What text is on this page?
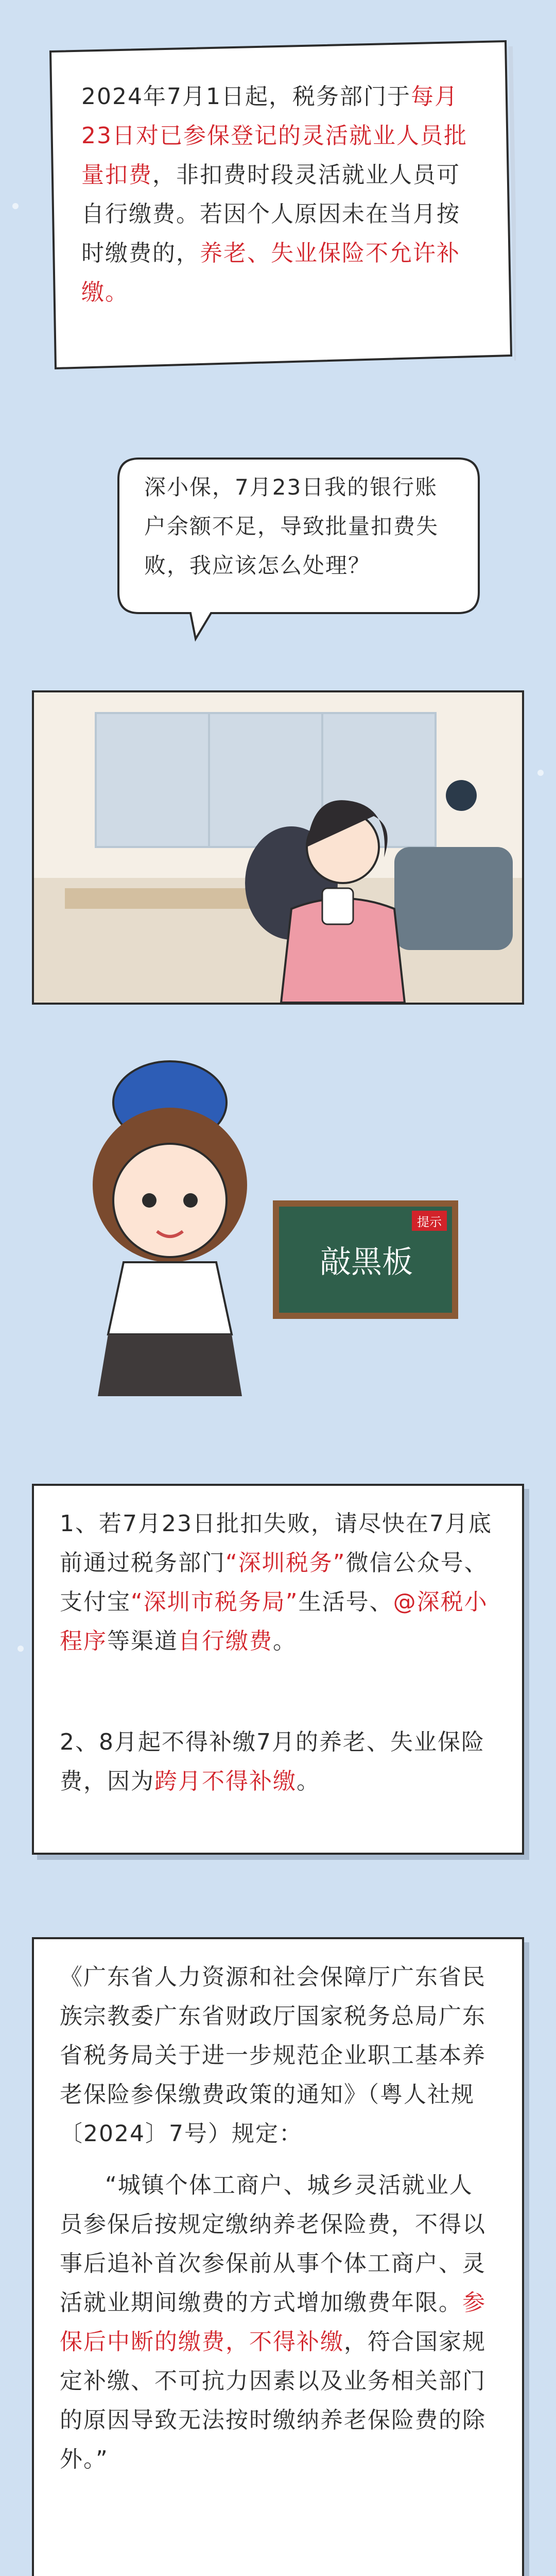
2024年7月1日起，税务部门于每月23日对已参保登记的灵活就业人员批量扣费，非扣费时段灵活就业人员可自行缴费。若因个人原因未在当月按时缴费的，养老、失业保险不允许补缴。
深小保，7月23日我的银行账户余额不足，导致批量扣费失败，我应该怎么处理？
敲黑板
提示
1、若7月23日批扣失败，请尽快在7月底前通过税务部门“深圳税务”微信公众号、支付宝“深圳市税务局”生活号、@深税小程序等渠道自行缴费。
2、8月起不得补缴7月的养老、失业保险费，因为跨月不得补缴。
《广东省人力资源和社会保障厅广东省民族宗教委广东省财政厅国家税务总局广东省税务局关于进一步规范企业职工基本养老保险参保缴费政策的通知》（粤人社规〔2024〕7号）规定：
“城镇个体工商户、城乡灵活就业人员参保后按规定缴纳养老保险费，不得以事后追补首次参保前从事个体工商户、灵活就业期间缴费的方式增加缴费年限。参保后中断的缴费，不得补缴，符合国家规定补缴、不可抗力因素以及业务相关部门的原因导致无法按时缴纳养老保险费的除外。”
